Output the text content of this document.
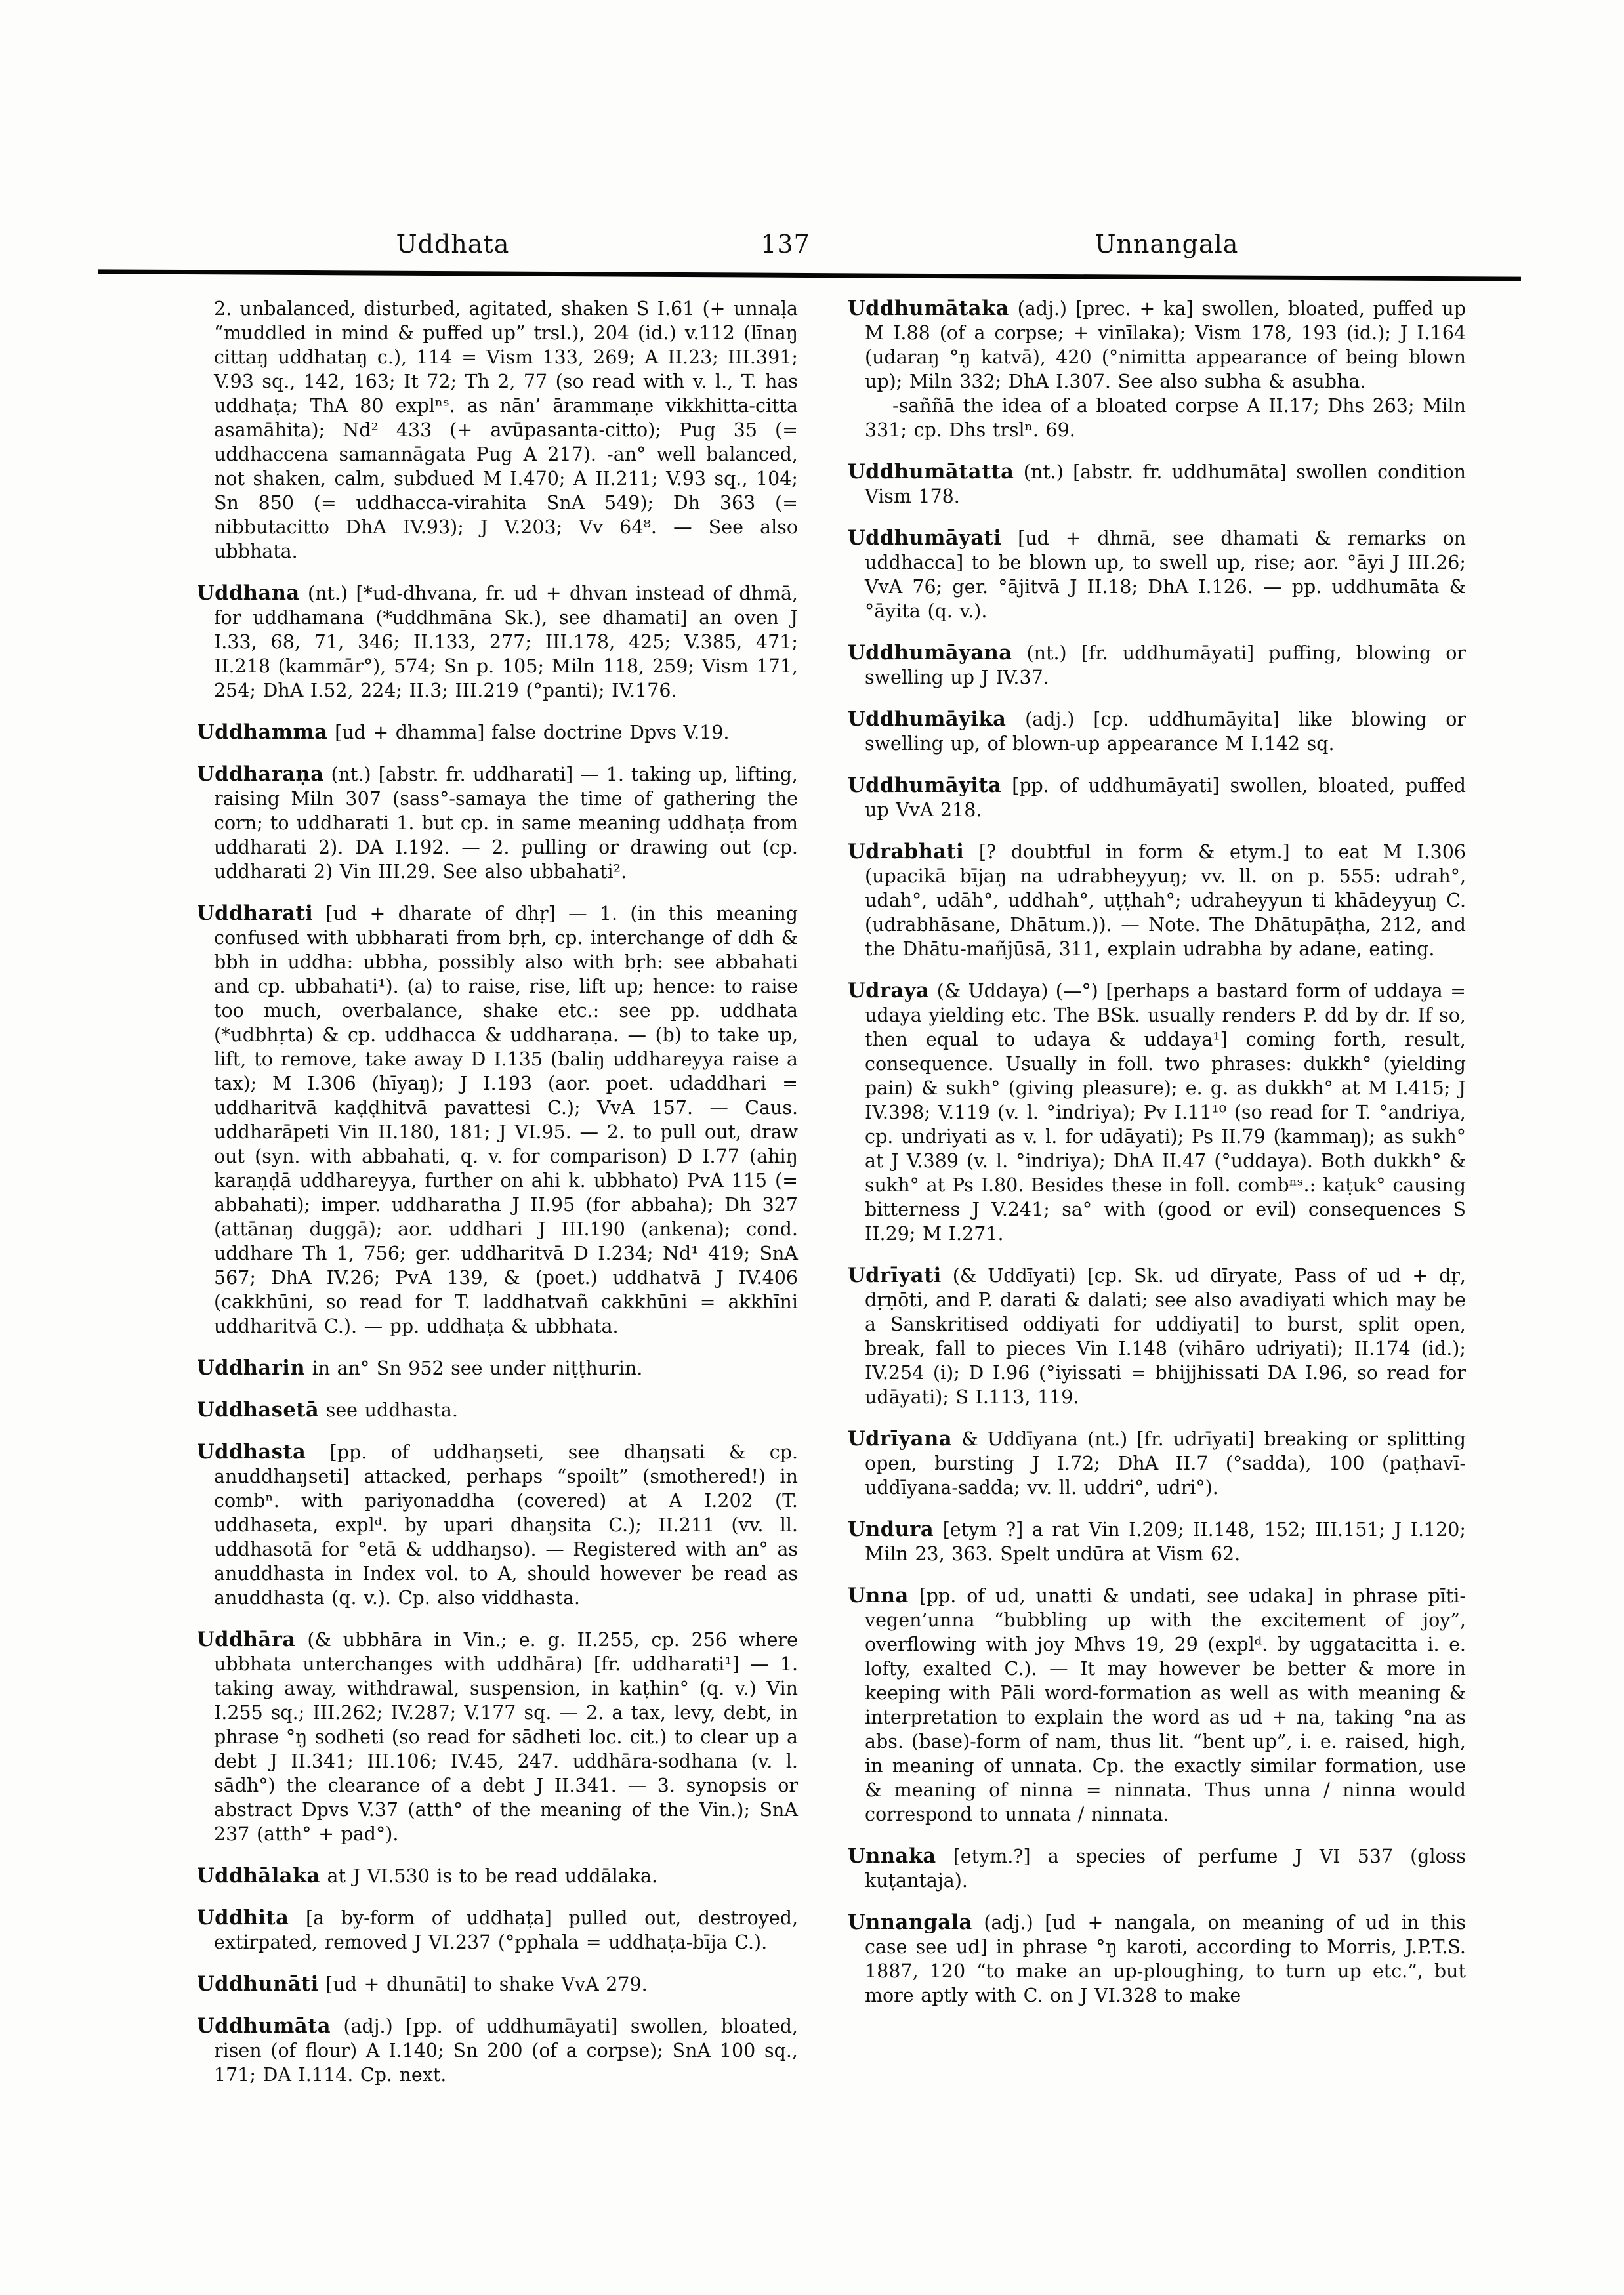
Uddhata	137	Unnangala

2. unbalanced, disturbed, agitated, shaken S I.61 (+ unnaḷa “muddled in mind & puffed up” trsl.), 204 (id.) v.112 (līnaŋ cittaŋ uddhataŋ c.), 114 = Vism 133, 269; A II.23; III.391; V.93 sq., 142, 163; It 72; Th 2, 77 (so read with v. l., T. has uddhaṭa; ThA 80 explⁿˢ. as nān’ ārammaṇe vikkhitta-citta asamāhita); Nd² 433 (+ avūpasanta-citto); Pug 35 (= uddhaccena samannāgata Pug A 217). -an° well balanced, not shaken, calm, subdued M I.470; A II.211; V.93 sq., 104; Sn 850 (= uddhacca-virahita SnA 549); Dh 363 (= nibbutacitto DhA IV.93); J V.203; Vv 64⁸. — See also ubbhata.

Uddhana (nt.) [*ud-dhvana, fr. ud + dhvan instead of dhmā, for uddhamana (*uddhmāna Sk.), see dhamati] an oven J I.33, 68, 71, 346; II.133, 277; III.178, 425; V.385, 471; II.218 (kammār°), 574; Sn p. 105; Miln 118, 259; Vism 171, 254; DhA I.52, 224; II.3; III.219 (°panti); IV.176.

Uddhamma [ud + dhamma] false doctrine Dpvs V.19.

Uddharaṇa (nt.) [abstr. fr. uddharati] — 1. taking up, lifting, raising Miln 307 (sass°-samaya the time of gathering the corn; to uddharati 1. but cp. in same meaning uddhaṭa from uddharati 2). DA I.192. — 2. pulling or drawing out (cp. uddharati 2) Vin III.29. See also ubbahati².

Uddharati [ud + dharate of dhṛ] — 1. (in this meaning confused with ubbharati from bṛh, cp. interchange of ddh & bbh in uddha: ubbha, possibly also with bṛh: see abbahati and cp. ubbahati¹). (a) to raise, rise, lift up; hence: to raise too much, overbalance, shake etc.: see pp. uddhata (*udbhṛta) & cp. uddhacca & uddharaṇa. — (b) to take up, lift, to remove, take away D I.135 (baliŋ uddhareyya raise a tax); M I.306 (hīyaŋ); J I.193 (aor. poet. udaddhari = uddharitvā kaḍḍhitvā pavattesi C.); VvA 157. — Caus. uddharāpeti Vin II.180, 181; J VI.95. — 2. to pull out, draw out (syn. with abbahati, q. v. for comparison) D I.77 (ahiŋ karaṇḍā uddhareyya, further on ahi k. ubbhato) PvA 115 (= abbahati); imper. uddharatha J II.95 (for abbaha); Dh 327 (attānaŋ duggā); aor. uddhari J III.190 (ankena); cond. uddhare Th 1, 756; ger. uddharitvā D I.234; Nd¹ 419; SnA 567; DhA IV.26; PvA 139, & (poet.) uddhatvā J IV.406 (cakkhūni, so read for T. laddhatvañ cakkhūni = akkhīni uddharitvā C.). — pp. uddhaṭa & ubbhata.

Uddharin in an° Sn 952 see under niṭṭhurin.

Uddhasetā see uddhasta.

Uddhasta [pp. of uddhaŋseti, see dhaŋsati & cp. anuddhaŋseti] attacked, perhaps “spoilt” (smothered!) in combⁿ. with pariyonaddha (covered) at A I.202 (T. uddhaseta, explᵈ. by upari dhaŋsita C.); II.211 (vv. ll. uddhasotā for °etā & uddhaŋso). — Registered with an° as anuddhasta in Index vol. to A, should however be read as anuddhasta (q. v.). Cp. also viddhasta.

Uddhāra (& ubbhāra in Vin.; e. g. II.255, cp. 256 where ubbhata unterchanges with uddhāra) [fr. uddharati¹] — 1. taking away, withdrawal, suspension, in kaṭhin° (q. v.) Vin I.255 sq.; III.262; IV.287; V.177 sq. — 2. a tax, levy, debt, in phrase °ŋ sodheti (so read for sādheti loc. cit.) to clear up a debt J II.341; III.106; IV.45, 247. uddhāra-sodhana (v. l. sādh°) the clearance of a debt J II.341. — 3. synopsis or abstract Dpvs V.37 (atth° of the meaning of the Vin.); SnA 237 (atth° + pad°).

Uddhālaka at J VI.530 is to be read uddālaka.

Uddhita [a by-form of uddhaṭa] pulled out, destroyed, extirpated, removed J VI.237 (°pphala = uddhaṭa-bīja C.).

Uddhunāti [ud + dhunāti] to shake VvA 279.

Uddhumāta (adj.) [pp. of uddhumāyati] swollen, bloated, risen (of flour) A I.140; Sn 200 (of a corpse); SnA 100 sq., 171; DA I.114. Cp. next.

Uddhumātaka (adj.) [prec. + ka] swollen, bloated, puffed up M I.88 (of a corpse; + vinīlaka); Vism 178, 193 (id.); J I.164 (udaraŋ °ŋ katvā), 420 (°nimitta appearance of being blown up); Miln 332; DhA I.307. See also subha & asubha.

-saññā the idea of a bloated corpse A II.17; Dhs 263; Miln 331; cp. Dhs trslⁿ. 69.

Uddhumātatta (nt.) [abstr. fr. uddhumāta] swollen condition Vism 178.

Uddhumāyati [ud + dhmā, see dhamati & remarks on uddhacca] to be blown up, to swell up, rise; aor. °āyi J III.26; VvA 76; ger. °ājitvā J II.18; DhA I.126. — pp. uddhumāta & °āyita (q. v.).

Uddhumāyana (nt.) [fr. uddhumāyati] puffing, blowing or swelling up J IV.37.

Uddhumāyika (adj.) [cp. uddhumāyita] like blowing or swelling up, of blown-up appearance M I.142 sq.

Uddhumāyita [pp. of uddhumāyati] swollen, bloated, puffed up VvA 218.

Udrabhati [? doubtful in form & etym.] to eat M I.306 (upacikā bījaŋ na udrabheyyuŋ; vv. ll. on p. 555: udrah°, udah°, udāh°, uddhah°, uṭṭhah°; udraheyyun ti khādeyyuŋ C. (udrabhāsane, Dhātum.)). — Note. The Dhātupāṭha, 212, and the Dhātu-mañjūsā, 311, explain udrabha by adane, eating.

Udraya (& Uddaya) (—°) [perhaps a bastard form of uddaya = udaya yielding etc. The BSk. usually renders P. dd by dr. If so, then equal to udaya & uddaya¹] coming forth, result, consequence. Usually in foll. two phrases: dukkh° (yielding pain) & sukh° (giving pleasure); e. g. as dukkh° at M I.415; J IV.398; V.119 (v. l. °indriya); Pv I.11¹⁰ (so read for T. °andriya, cp. undriyati as v. l. for udāyati); Ps II.79 (kammaŋ); as sukh° at J V.389 (v. l. °indriya); DhA II.47 (°uddaya). Both dukkh° & sukh° at Ps I.80. Besides these in foll. combⁿˢ.: kaṭuk° causing bitterness J V.241; sa° with (good or evil) consequences S II.29; M I.271.

Udrīyati (& Uddīyati) [cp. Sk. ud dīryate, Pass of ud + dṛ, dṛṇōti, and P. darati & dalati; see also avadiyati which may be a Sanskritised oddiyati for uddiyati] to burst, split open, break, fall to pieces Vin I.148 (vihāro udriyati); II.174 (id.); IV.254 (i); D I.96 (°iyissati = bhijjhissati DA I.96, so read for udāyati); S I.113, 119.

Udrīyana & Uddīyana (nt.) [fr. udrīyati] breaking or splitting open, bursting J I.72; DhA II.7 (°sadda), 100 (paṭhavī-uddīyana-sadda; vv. ll. uddri°, udri°).

Undura [etym ?] a rat Vin I.209; II.148, 152; III.151; J I.120; Miln 23, 363. Spelt undūra at Vism 62.

Unna [pp. of ud, unatti & undati, see udaka] in phrase pīti-vegen’unna “bubbling up with the excitement of joy”, overflowing with joy Mhvs 19, 29 (explᵈ. by uggatacitta i. e. lofty, exalted C.). — It may however be better & more in keeping with Pāli word-formation as well as with meaning & interpretation to explain the word as ud + na, taking °na as abs. (base)-form of nam, thus lit. “bent up”, i. e. raised, high, in meaning of unnata. Cp. the exactly similar formation, use & meaning of ninna = ninnata. Thus unna / ninna would correspond to unnata / ninnata.

Unnaka [etym.?] a species of perfume J VI 537 (gloss kuṭantaja).

Unnangala (adj.) [ud + nangala, on meaning of ud in this case see ud] in phrase °ŋ karoti, according to Morris, J.P.T.S. 1887, 120 “to make an up-ploughing, to turn up etc.”, but more aptly with C. on J VI.328 to make
